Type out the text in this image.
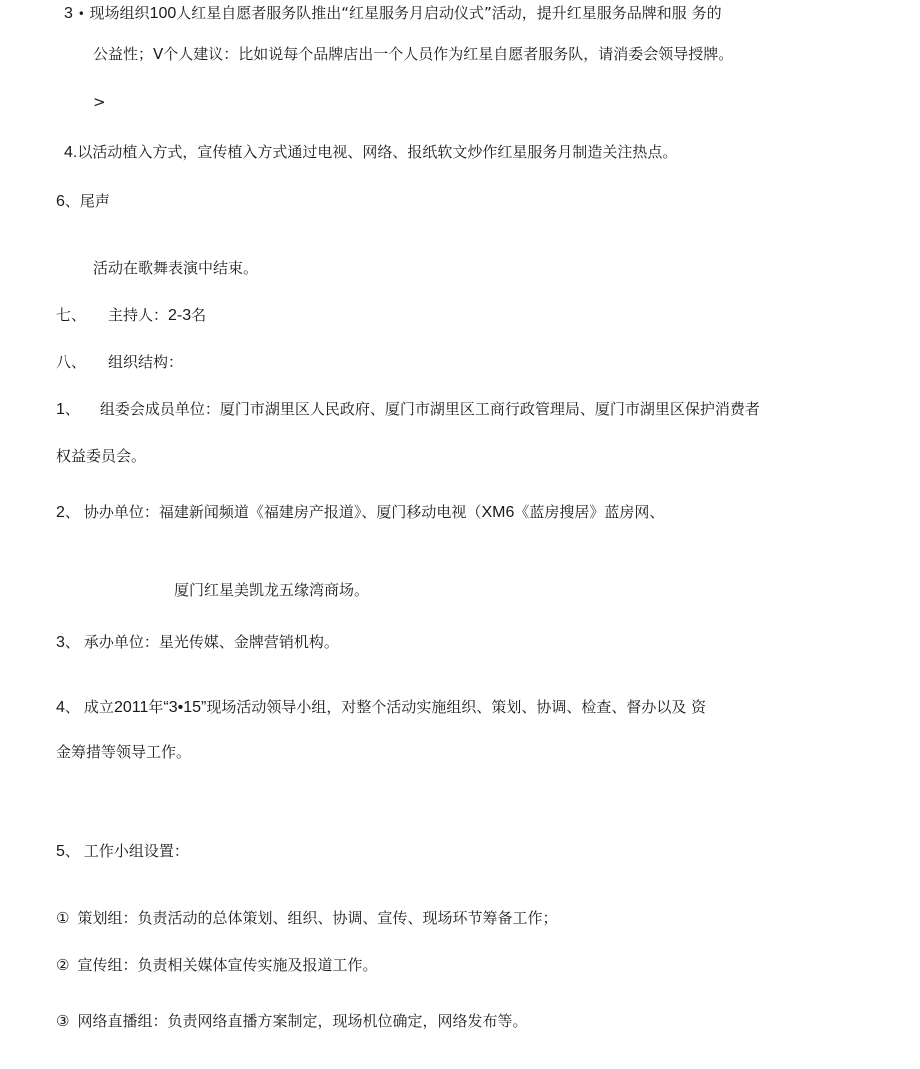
3 • 现场组织100人红星自愿者服务队推出“红星服务月启动仪式”活动，提升红星服务品牌和服 务的
公益性；V个人建议：比如说每个品牌店出一个人员作为红星自愿者服务队，请消委会领导授牌。
>
4.以活动植入方式，宣传植入方式通过电视、网络、报纸软文炒作红星服务月制造关注热点。
6、尾声
活动在歌舞表演中结束。
七、 主持人：2-3名
八、 组织结构：
1、 组委会成员单位：厦门市湖里区人民政府、厦门市湖里区工商行政管理局、厦门市湖里区保护消费者
权益委员会。
2、 协办单位：福建新闻频道《福建房产报道》、厦门移动电视（XM6《蓝房搜居》蓝房网、
厦门红星美凯龙五缘湾商场。
3、 承办单位：星光传媒、金牌营销机构。
4、 成立2011年“3•15”现场活动领导小组，对整个活动实施组织、策划、协调、检查、督办以及 资
金筹措等领导工作。
5、 工作小组设置：
① 策划组：负责活动的总体策划、组织、协调、宣传、现场环节筹备工作；
② 宣传组：负责相关媒体宣传实施及报道工作。
③ 网络直播组：负责网络直播方案制定，现场机位确定，网络发布等。
